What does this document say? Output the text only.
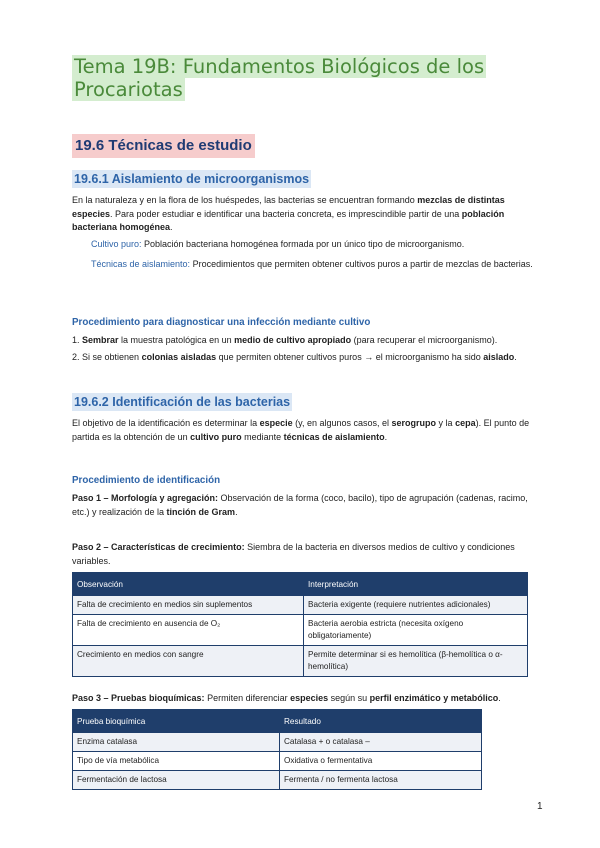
Tema 19B: Fundamentos Biológicos de los
Procariotas
19.6 Técnicas de estudio
19.6.1 Aislamiento de microorganismos
En la naturaleza y en la flora de los huéspedes, las bacterias se encuentran formando mezclas de distintas especies. Para poder estudiar e identificar una bacteria concreta, es imprescindible partir de una población bacteriana homogénea.
Cultivo puro: Población bacteriana homogénea formada por un único tipo de microorganismo.
Técnicas de aislamiento: Procedimientos que permiten obtener cultivos puros a partir de mezclas de bacterias.
Procedimiento para diagnosticar una infección mediante cultivo
1. Sembrar la muestra patológica en un medio de cultivo apropiado (para recuperar el microorganismo).
2. Si se obtienen colonias aisladas que permiten obtener cultivos puros → el microorganismo ha sido aislado.
19.6.2 Identificación de las bacterias
El objetivo de la identificación es determinar la especie (y, en algunos casos, el serogrupo y la cepa). El punto de partida es la obtención de un cultivo puro mediante técnicas de aislamiento.
Procedimiento de identificación
Paso 1 – Morfología y agregación: Observación de la forma (coco, bacilo), tipo de agrupación (cadenas, racimo, etc.) y realización de la tinción de Gram.
Paso 2 – Características de crecimiento: Siembra de la bacteria en diversos medios de cultivo y condiciones variables.
Observación	Interpretación
Falta de crecimiento en medios sin suplementos	Bacteria exigente (requiere nutrientes adicionales)
Falta de crecimiento en ausencia de O₂	Bacteria aerobia estricta (necesita oxígeno obligatoriamente)
Crecimiento en medios con sangre	Permite determinar si es hemolítica (β-hemolítica o α-hemolítica)
Paso 3 – Pruebas bioquímicas: Permiten diferenciar especies según su perfil enzimático y metabólico.
Prueba bioquímica	Resultado
Enzima catalasa	Catalasa + o catalasa –
Tipo de vía metabólica	Oxidativa o fermentativa
Fermentación de lactosa	Fermenta / no fermenta lactosa
1
